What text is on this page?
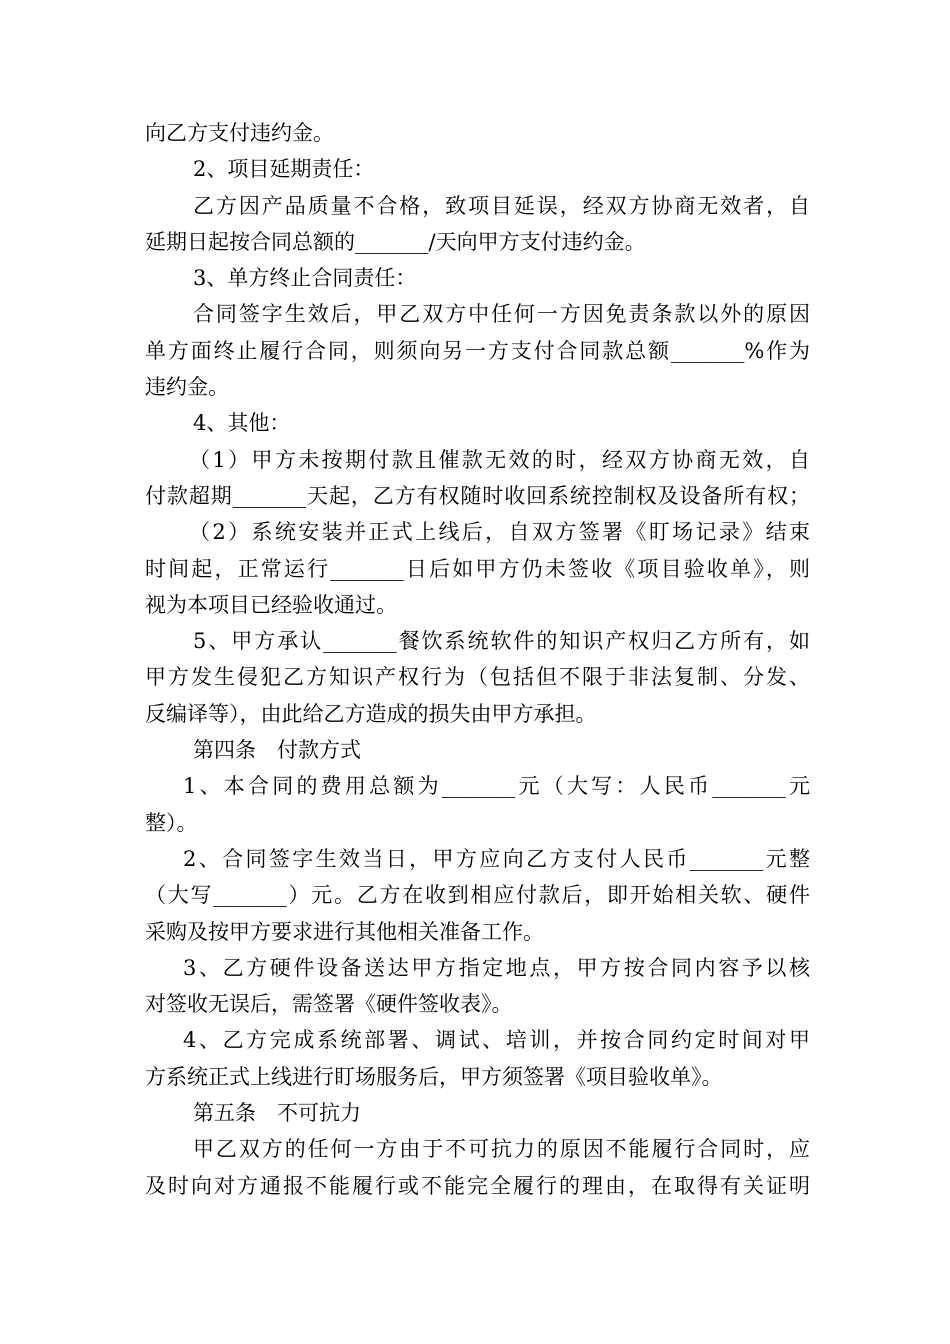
向乙方支付违约金。
2、项目延期责任：
乙方因产品质量不合格，致项目延误，经双方协商无效者，自
延期日起按合同总额的_______/天向甲方支付违约金。
3、单方终止合同责任：
合同签字生效后，甲乙双方中任何一方因免责条款以外的原因
单方面终止履行合同，则须向另一方支付合同款总额_______%作为
违约金。
4、其他：
（1）甲方未按期付款且催款无效的时，经双方协商无效，自
付款超期_______天起，乙方有权随时收回系统控制权及设备所有权；
（2）系统安装并正式上线后，自双方签署《盯场记录》结束
时间起，正常运行_______日后如甲方仍未签收《项目验收单》，则
视为本项目已经验收通过。
5、甲方承认_______餐饮系统软件的知识产权归乙方所有，如
甲方发生侵犯乙方知识产权行为（包括但不限于非法复制、分发、
反编译等），由此给乙方造成的损失由甲方承担。
第四条　付款方式
1、本合同的费用总额为_______元（大写：人民币_______元
整）。
2、合同签字生效当日，甲方应向乙方支付人民币_______元整
（大写_______）元。乙方在收到相应付款后，即开始相关软、硬件
采购及按甲方要求进行其他相关准备工作。
3、乙方硬件设备送达甲方指定地点，甲方按合同内容予以核
对签收无误后，需签署《硬件签收表》。
4、乙方完成系统部署、调试、培训，并按合同约定时间对甲
方系统正式上线进行盯场服务后，甲方须签署《项目验收单》。
第五条　不可抗力
甲乙双方的任何一方由于不可抗力的原因不能履行合同时，应
及时向对方通报不能履行或不能完全履行的理由，在取得有关证明
